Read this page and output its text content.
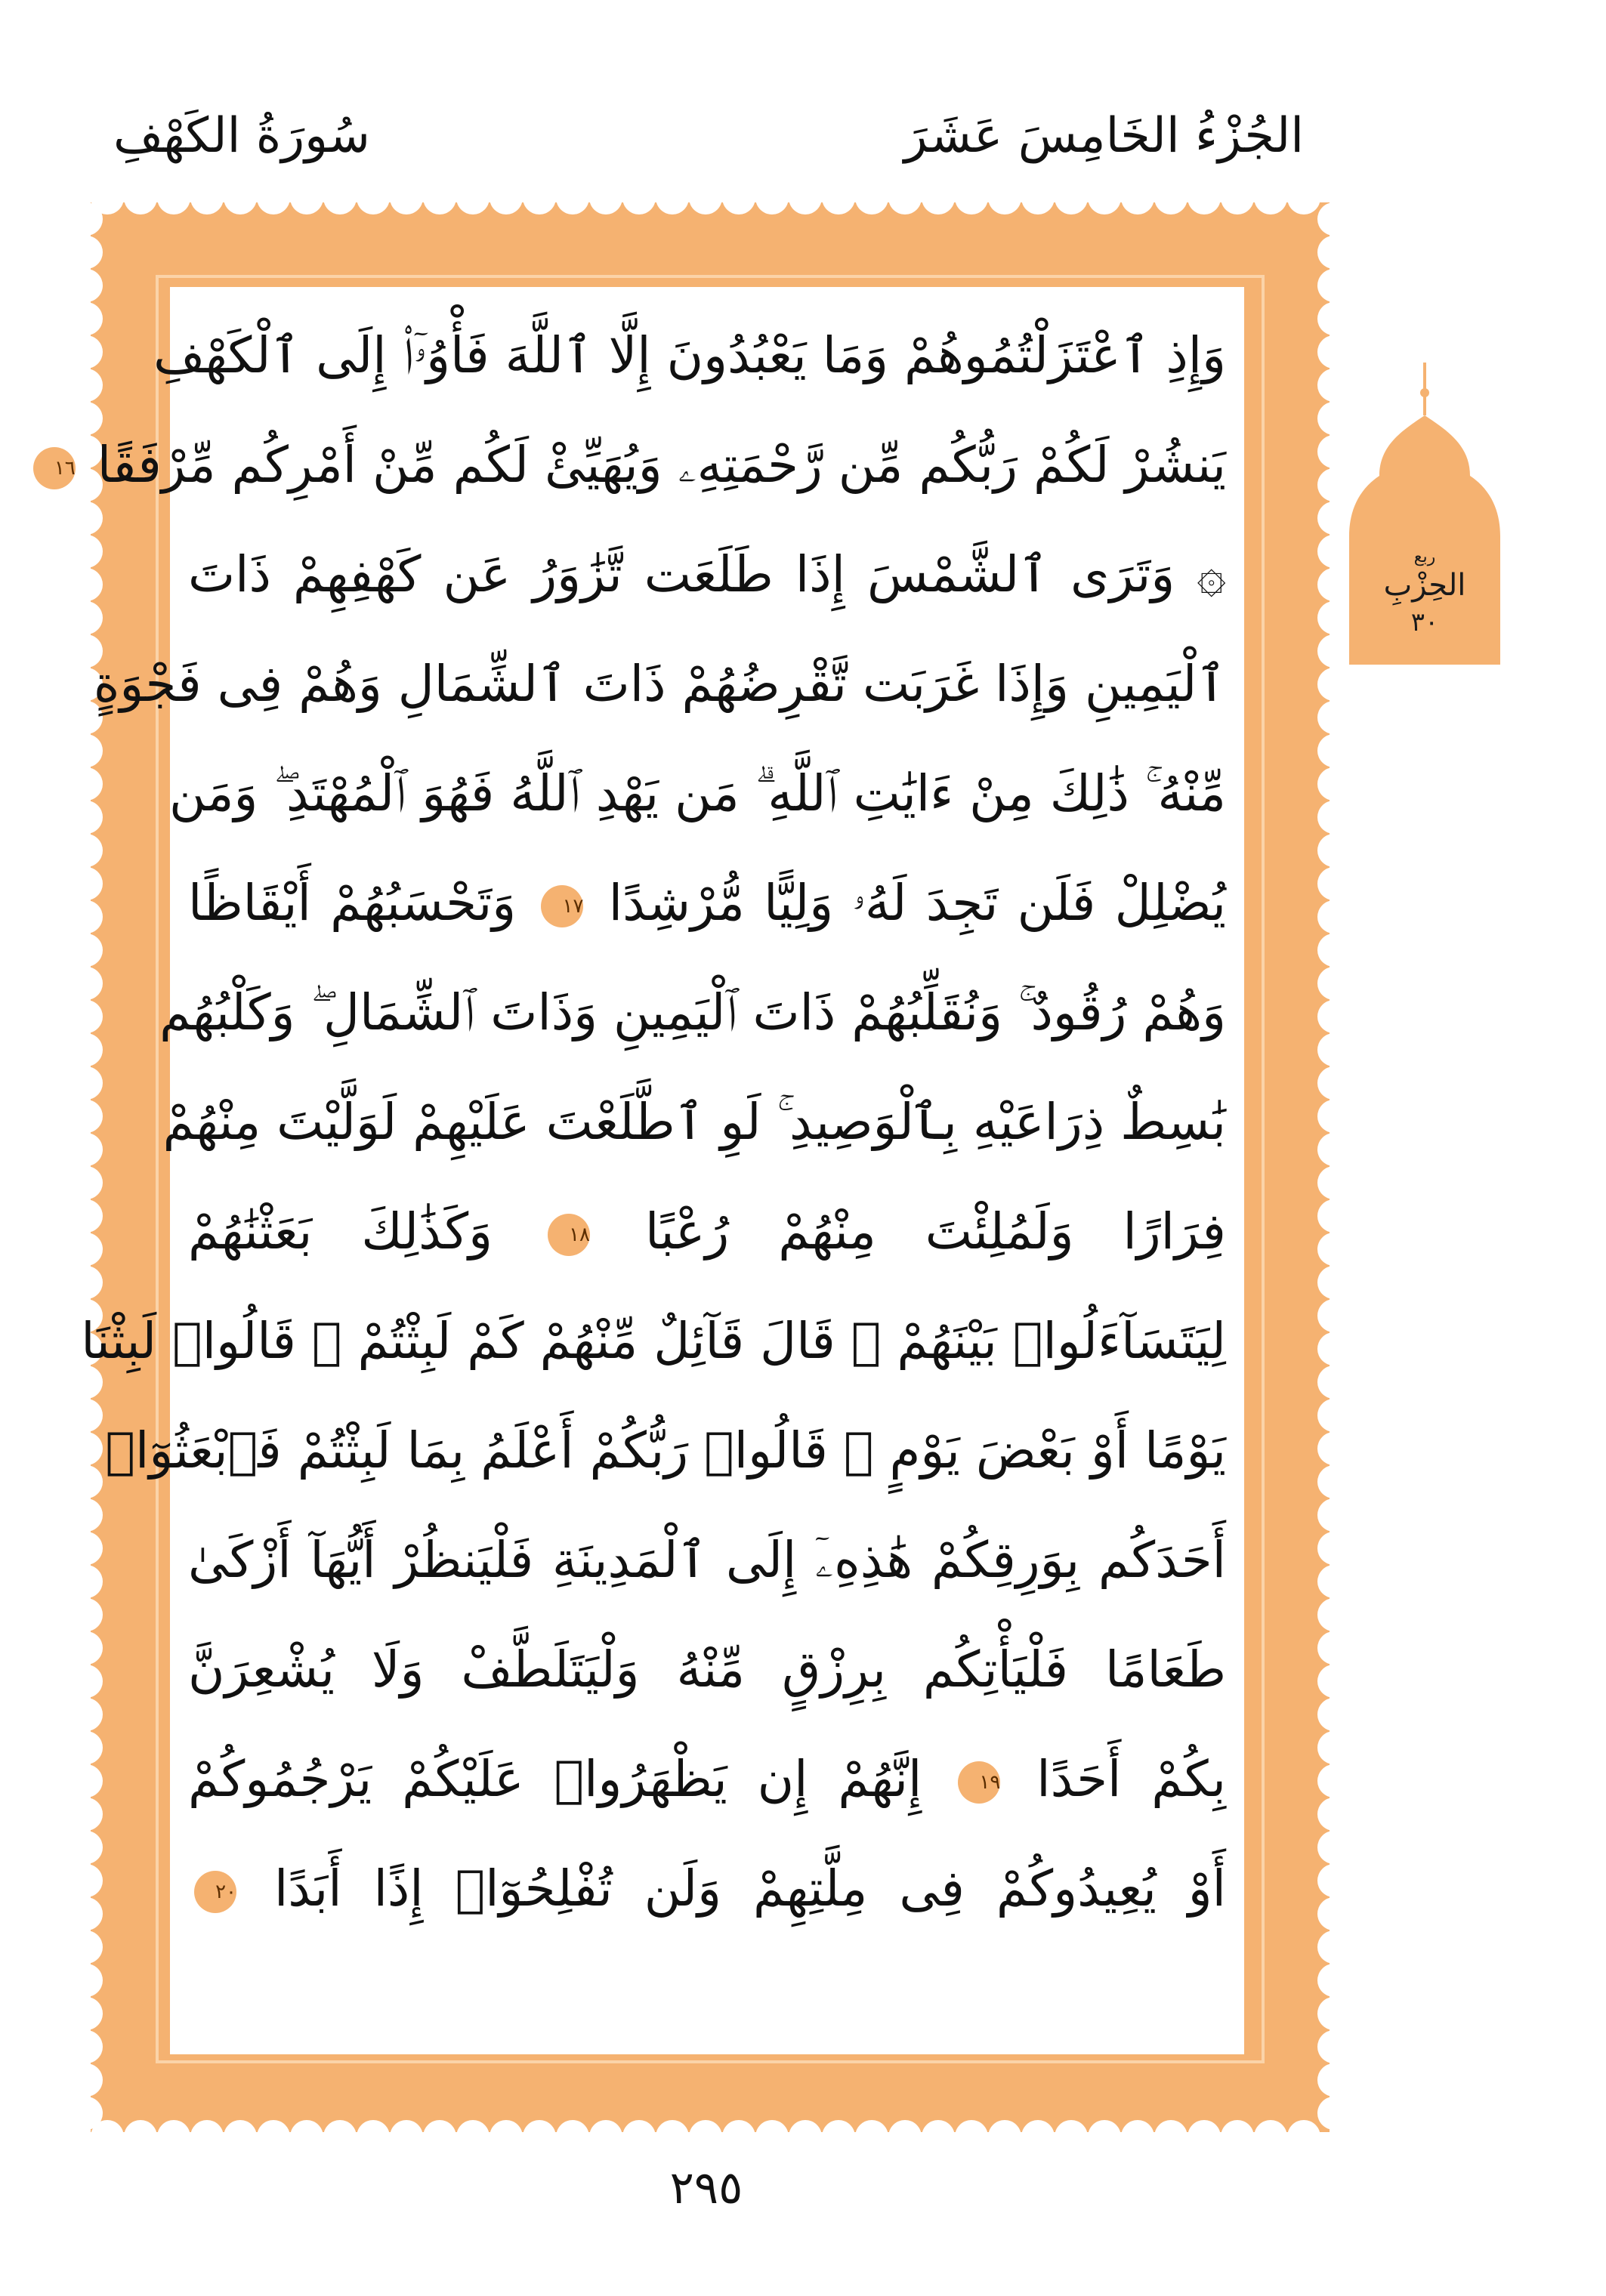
سُورَةُ الكَهْفِ	الجُزْءُ الخَامِسَ عَشَرَ
وَإِذِ ٱعْتَزَلْتُمُوهُمْ وَمَا يَعْبُدُونَ إِلَّا ٱللَّهَ فَأْوُۥٓا۟ إِلَى ٱلْكَهْفِ
يَنشُرْ لَكُمْ رَبُّكُم مِّن رَّحْمَتِهِۦ وَيُهَيِّئْ لَكُم مِّنْ أَمْرِكُم مِّرْفَقًا ١٦
۞ وَتَرَى ٱلشَّمْسَ إِذَا طَلَعَت تَّزَٰوَرُ عَن كَهْفِهِمْ ذَاتَ
ٱلْيَمِينِ وَإِذَا غَرَبَت تَّقْرِضُهُمْ ذَاتَ ٱلشِّمَالِ وَهُمْ فِى فَجْوَةٍ
مِّنْهُ ۚ ذَٰلِكَ مِنْ ءَايَٰتِ ٱللَّهِ ۗ مَن يَهْدِ ٱللَّهُ فَهُوَ ٱلْمُهْتَدِ ۖ وَمَن
يُضْلِلْ فَلَن تَجِدَ لَهُۥ وَلِيًّا مُّرْشِدًا ١٧ وَتَحْسَبُهُمْ أَيْقَاظًا
وَهُمْ رُقُودٌ ۚ وَنُقَلِّبُهُمْ ذَاتَ ٱلْيَمِينِ وَذَاتَ ٱلشِّمَالِ ۖ وَكَلْبُهُم
بَٰسِطٌ ذِرَاعَيْهِ بِٱلْوَصِيدِ ۚ لَوِ ٱطَّلَعْتَ عَلَيْهِمْ لَوَلَّيْتَ مِنْهُمْ
فِرَارًا وَلَمُلِئْتَ مِنْهُمْ رُعْبًا ١٨ وَكَذَٰلِكَ بَعَثْنَٰهُمْ
لِيَتَسَآءَلُوا۟ بَيْنَهُمْ ۚ قَالَ قَآئِلٌ مِّنْهُمْ كَمْ لَبِثْتُمْ ۖ قَالُوا۟ لَبِثْنَا
يَوْمًا أَوْ بَعْضَ يَوْمٍ ۚ قَالُوا۟ رَبُّكُمْ أَعْلَمُ بِمَا لَبِثْتُمْ فَٱبْعَثُوٓا۟
أَحَدَكُم بِوَرِقِكُمْ هَٰذِهِۦٓ إِلَى ٱلْمَدِينَةِ فَلْيَنظُرْ أَيُّهَآ أَزْكَىٰ
طَعَامًا فَلْيَأْتِكُم بِرِزْقٍ مِّنْهُ وَلْيَتَلَطَّفْ وَلَا يُشْعِرَنَّ
بِكُمْ أَحَدًا ١٩ إِنَّهُمْ إِن يَظْهَرُوا۟ عَلَيْكُمْ يَرْجُمُوكُمْ
أَوْ يُعِيدُوكُمْ فِى مِلَّتِهِمْ وَلَن تُفْلِحُوٓا۟ إِذًا أَبَدًا ٢٠
ربع
الحِزْبِ
٣٠
٢٩٥
